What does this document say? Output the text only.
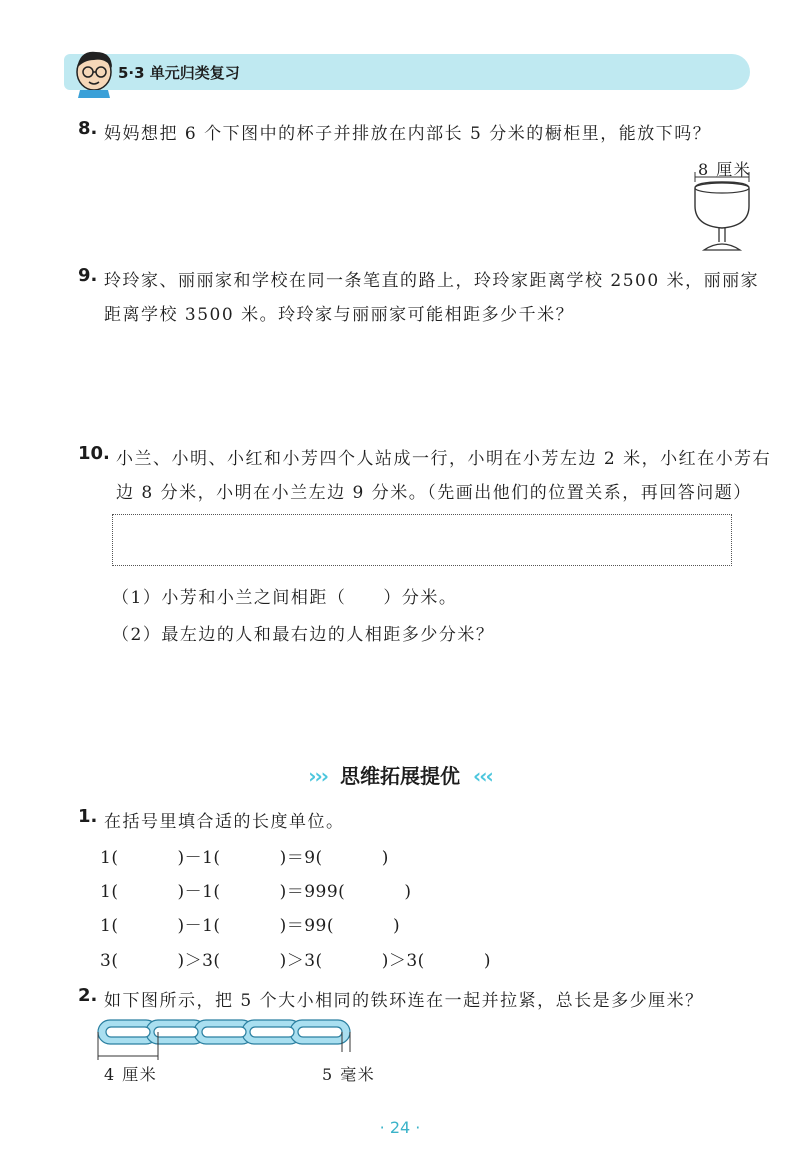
5·3 单元归类复习
8. 妈妈想把 6 个下图中的杯子并排放在内部长 5 分米的橱柜里，能放下吗？
8 厘米
9. 玲玲家、丽丽家和学校在同一条笔直的路上，玲玲家距离学校 2500 米，丽丽家
距离学校 3500 米。玲玲家与丽丽家可能相距多少千米？
10. 小兰、小明、小红和小芳四个人站成一行，小明在小芳左边 2 米，小红在小芳右
边 8 分米，小明在小兰左边 9 分米。（先画出他们的位置关系，再回答问题）
（1）小芳和小兰之间相距（　　）分米。
（2）最左边的人和最右边的人相距多少分米？
››› 思维拓展提优 ‹‹‹
1. 在括号里填合适的长度单位。
1(          )－1(          )＝9(          )
1(          )－1(          )＝999(          )
1(          )－1(          )＝99(          )
3(          )＞3(          )＞3(          )＞3(          )
2. 如下图所示，把 5 个大小相同的铁环连在一起并拉紧，总长是多少厘米？
4 厘米	5 毫米
· 24 ·
